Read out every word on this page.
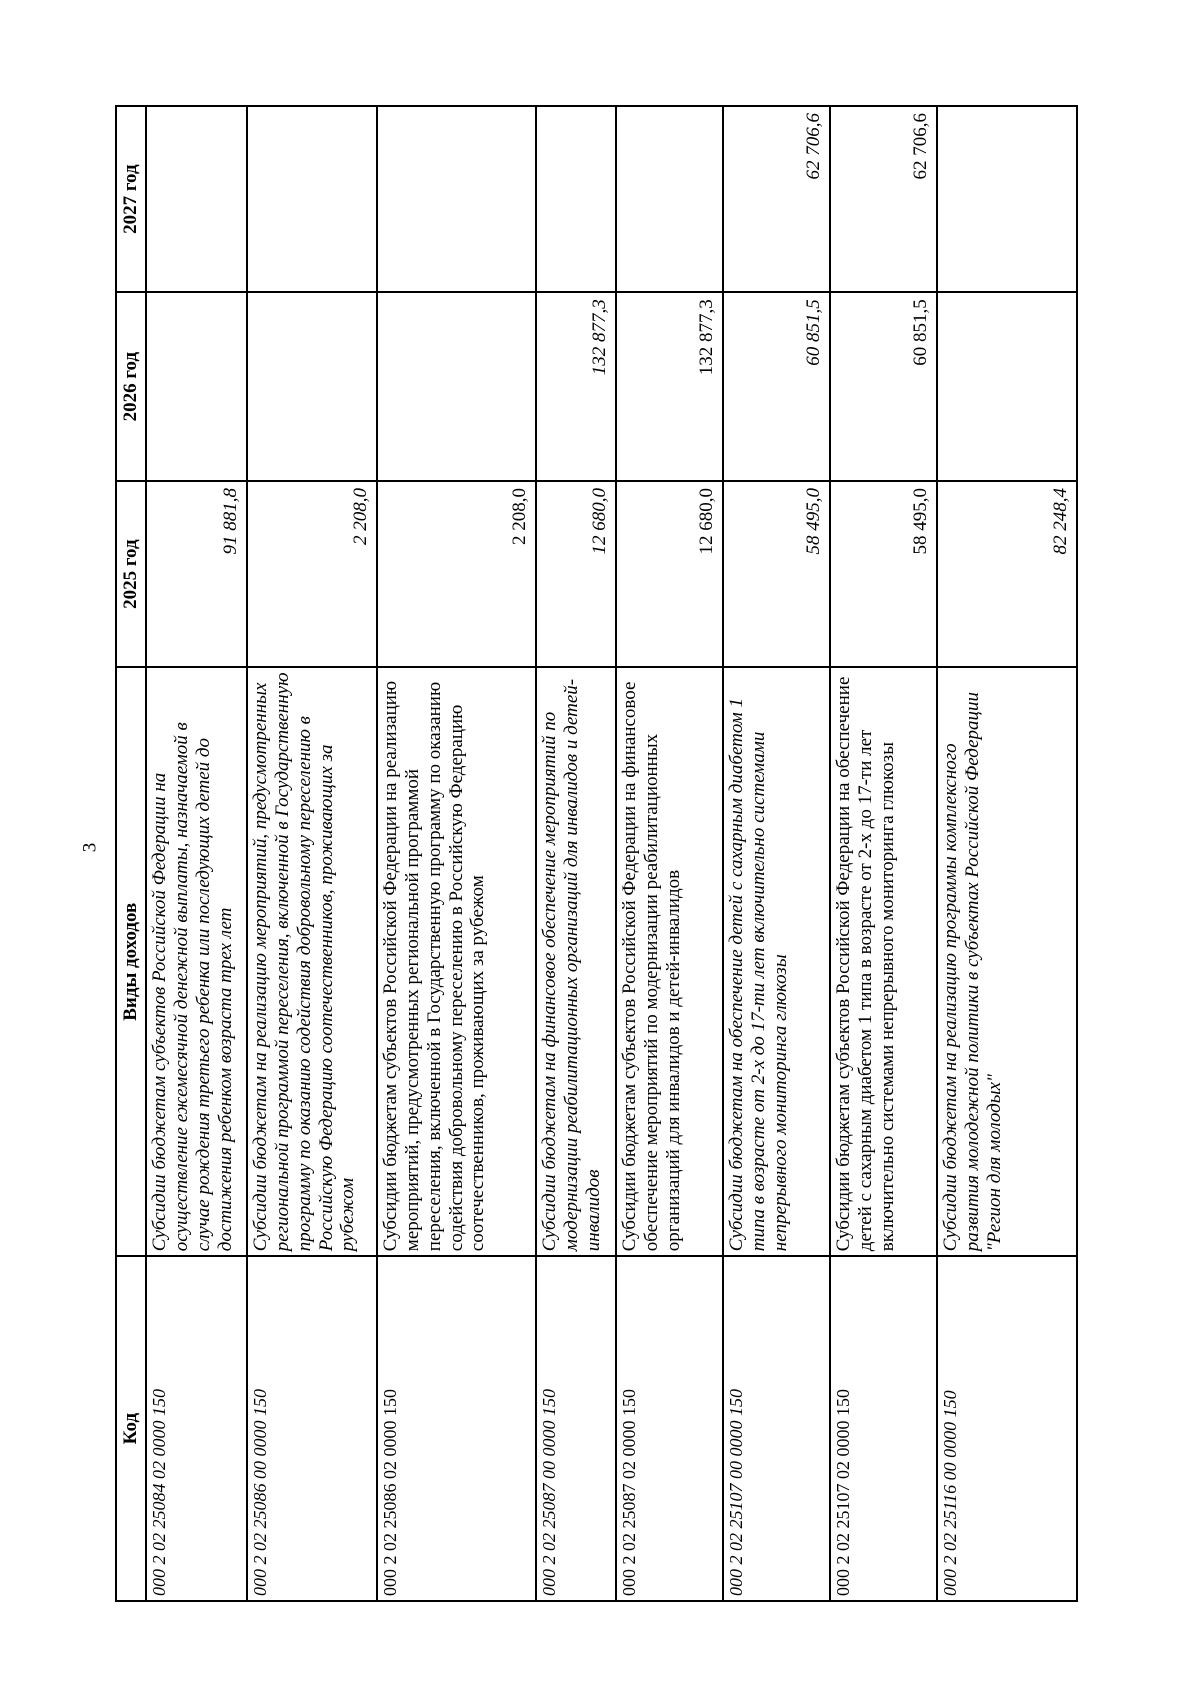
3
Код	Виды доходов	2025 год	2026 год	2027 год
000 2 02 25084 02 0000 150	Субсидии бюджетам субъектов Российской Федерации на осуществление ежемесячной денежной выплаты, назначаемой в случае рождения третьего ребенка или последующих детей до достижения ребенком возраста трех лет	91 881,8		
000 2 02 25086 00 0000 150	Субсидии бюджетам на реализацию мероприятий, предусмотренных региональной программой переселения, включенной в Государственную программу по оказанию содействия добровольному переселению в Российскую Федерацию соотечественников, проживающих за рубежом	2 208,0		
000 2 02 25086 02 0000 150	Субсидии бюджетам субъектов Российской Федерации на реализацию мероприятий, предусмотренных региональной программой переселения, включенной в Государственную программу по оказанию содействия добровольному переселению в Российскую Федерацию соотечественников, проживающих за рубежом	2 208,0		
000 2 02 25087 00 0000 150	Субсидии бюджетам на финансовое обеспечение мероприятий по модернизации реабилитационных организаций для инвалидов и детей-инвалидов	12 680,0	132 877,3	
000 2 02 25087 02 0000 150	Субсидии бюджетам субъектов Российской Федерации на финансовое обеспечение мероприятий по модернизации реабилитационных организаций для инвалидов и детей-инвалидов	12 680,0	132 877,3	
000 2 02 25107 00 0000 150	Субсидии бюджетам на обеспечение детей с сахарным диабетом 1 типа в возрасте от 2-х до 17-ти лет включительно системами непрерывного мониторинга глюкозы	58 495,0	60 851,5	62 706,6
000 2 02 25107 02 0000 150	Субсидии бюджетам субъектов Российской Федерации на обеспечение детей с сахарным диабетом 1 типа в возрасте от 2-х до 17-ти лет включительно системами непрерывного мониторинга глюкозы	58 495,0	60 851,5	62 706,6
000 2 02 25116 00 0000 150	Субсидии бюджетам на реализацию программы комплексного развития молодежной политики в субъектах Российской Федерации "Регион для молодых"	82 248,4		
